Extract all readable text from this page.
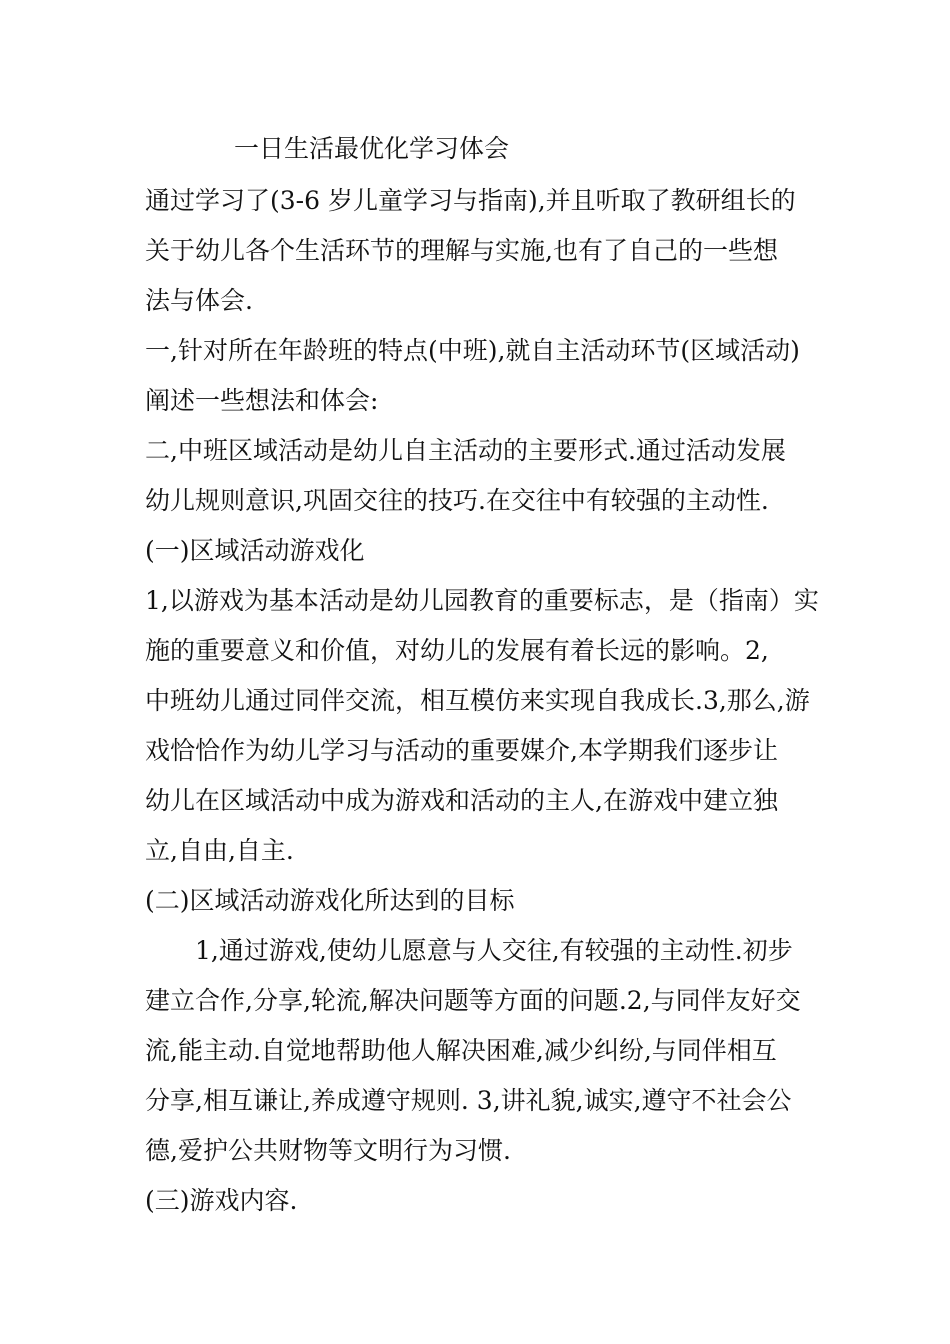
一日生活最优化学习体会
通过学习了(3-6 岁儿童学习与指南),并且听取了教研组长的
关于幼儿各个生活环节的理解与实施,也有了自己的一些想
法与体会.
一,针对所在年龄班的特点(中班),就自主活动环节(区域活动)
阐述一些想法和体会:
二,中班区域活动是幼儿自主活动的主要形式.通过活动发展
幼儿规则意识,巩固交往的技巧.在交往中有较强的主动性.
(一)区域活动游戏化
1,以游戏为基本活动是幼儿园教育的重要标志，是（指南）实
施的重要意义和价值，对幼儿的发展有着长远的影响。2,
中班幼儿通过同伴交流，相互模仿来实现自我成长.3,那么,游
戏恰恰作为幼儿学习与活动的重要媒介,本学期我们逐步让
幼儿在区域活动中成为游戏和活动的主人,在游戏中建立独
立,自由,自主.
(二)区域活动游戏化所达到的目标
1,通过游戏,使幼儿愿意与人交往,有较强的主动性.初步
建立合作,分享,轮流,解决问题等方面的问题.2,与同伴友好交
流,能主动.自觉地帮助他人解决困难,减少纠纷,与同伴相互
分享,相互谦让,养成遵守规则. 3,讲礼貌,诚实,遵守不社会公
德,爱护公共财物等文明行为习惯.
(三)游戏内容.
